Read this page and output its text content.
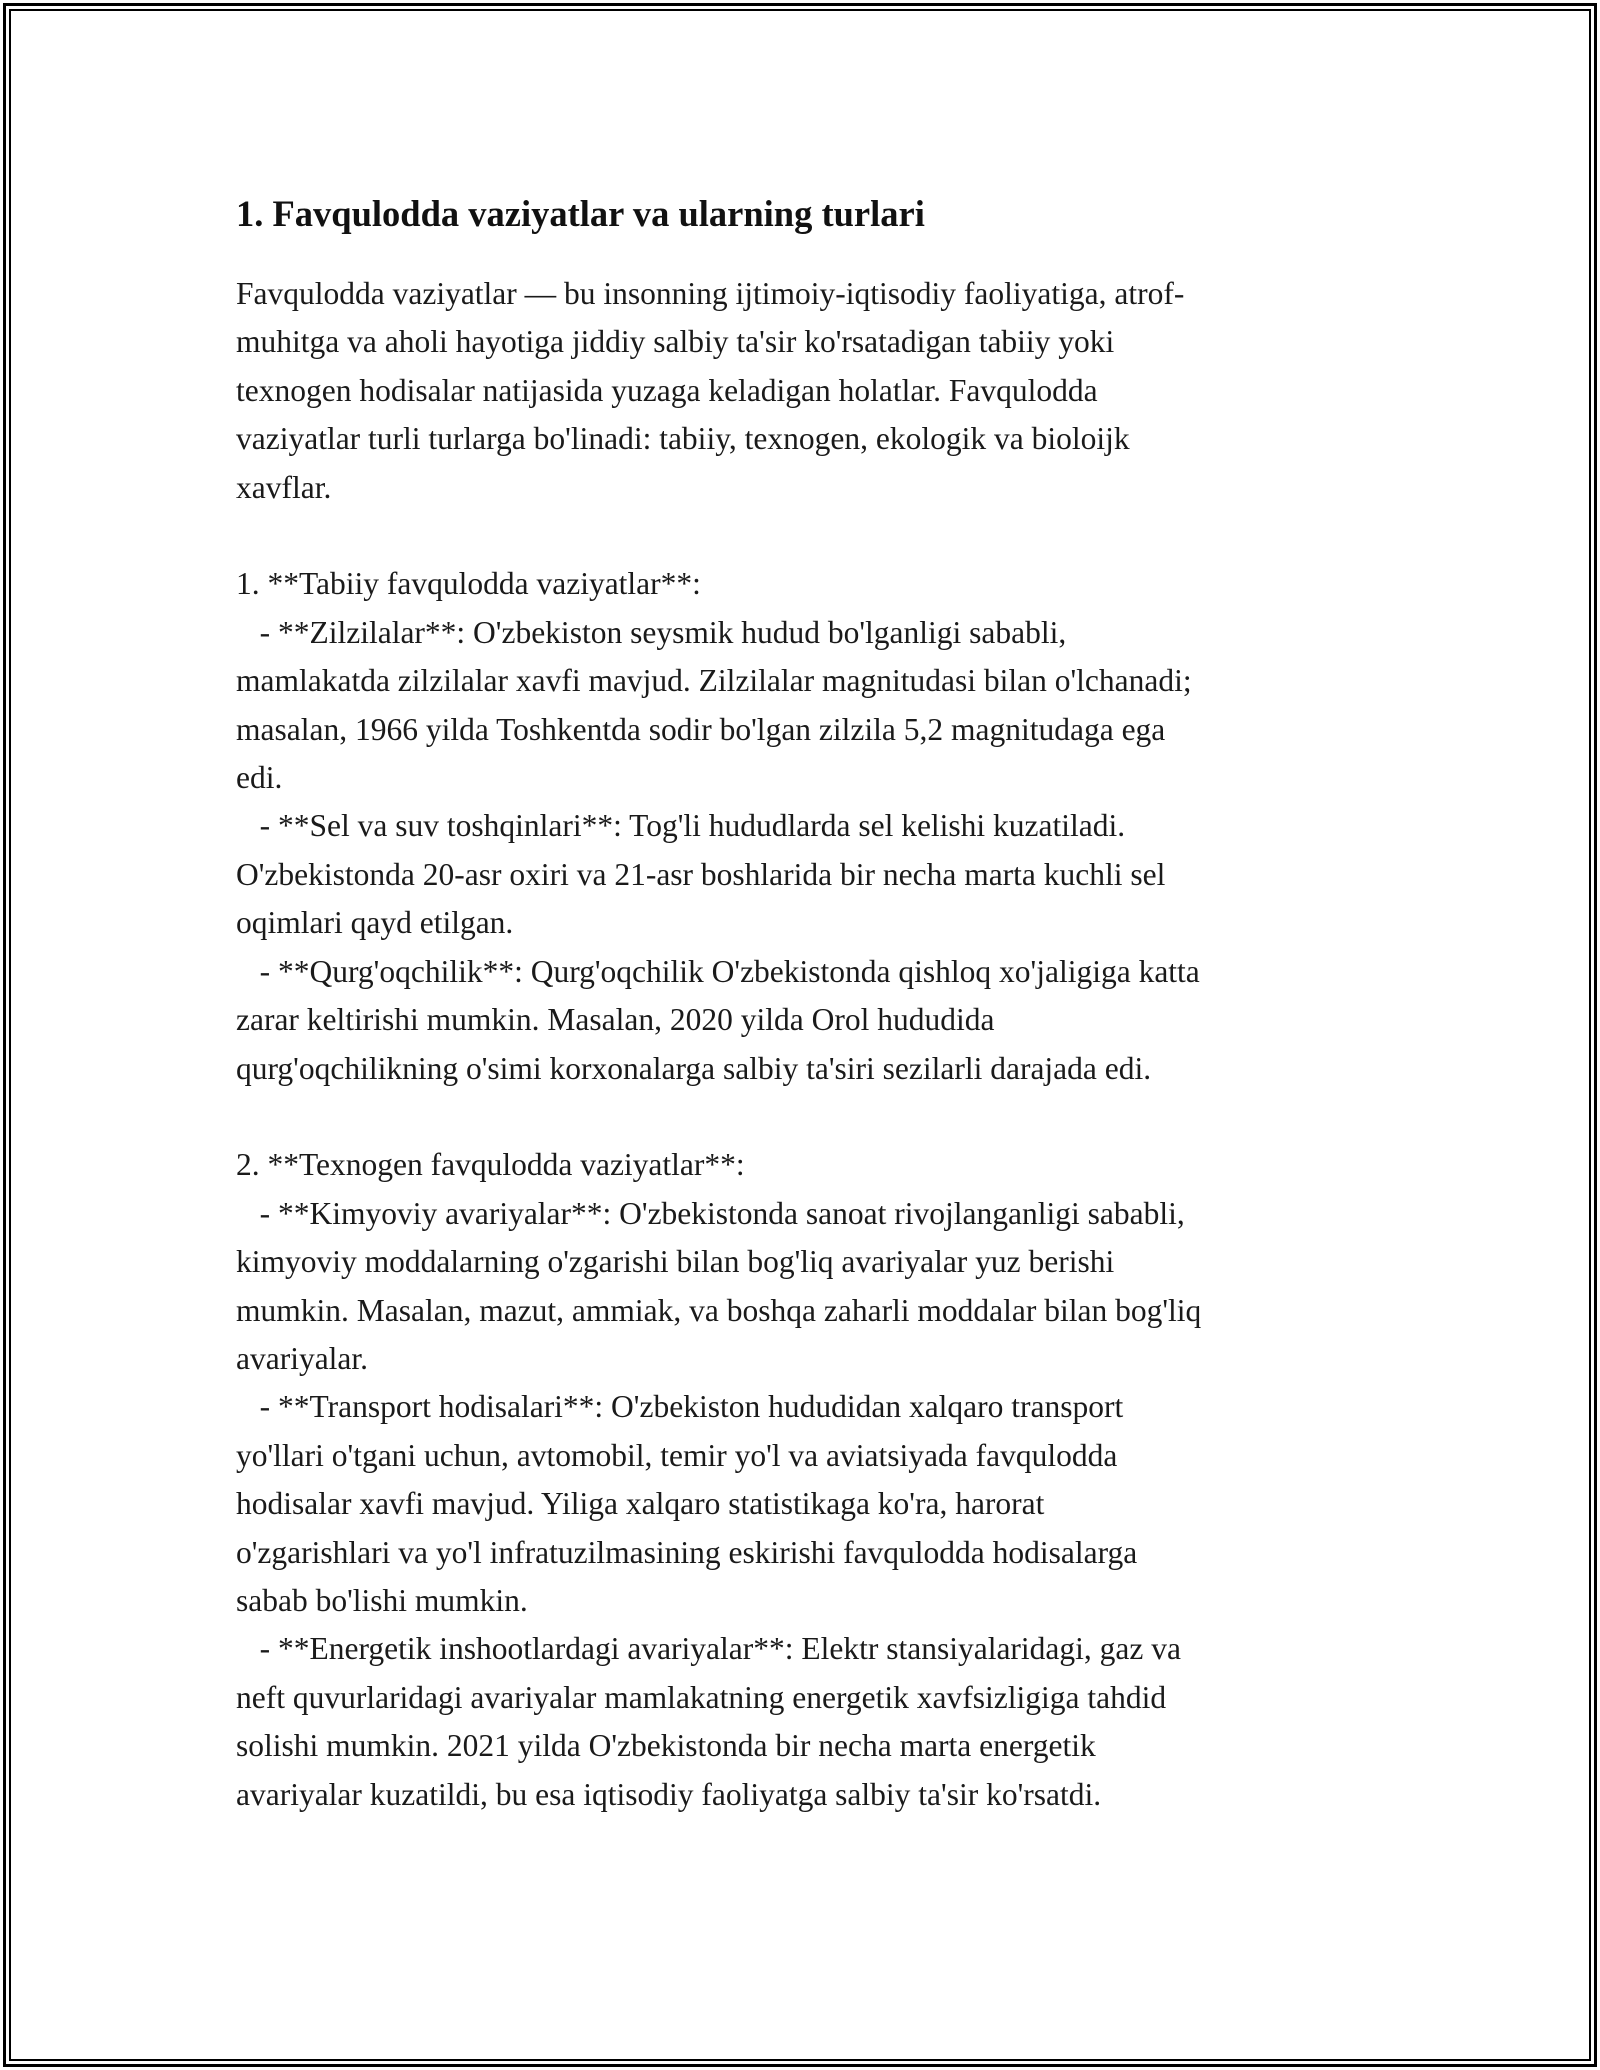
1. Favqulodda vaziyatlar va ularning turlari

Favqulodda vaziyatlar — bu insonning ijtimoiy-iqtisodiy faoliyatiga, atrof-
muhitga va aholi hayotiga jiddiy salbiy ta'sir ko'rsatadigan tabiiy yoki
texnogen hodisalar natijasida yuzaga keladigan holatlar. Favqulodda
vaziyatlar turli turlarga bo'linadi: tabiiy, texnogen, ekologik va bioloijk
xavflar.

1. **Tabiiy favqulodda vaziyatlar**:
- **Zilzilalar**: O'zbekiston seysmik hudud bo'lganligi sababli,
mamlakatda zilzilalar xavfi mavjud. Zilzilalar magnitudasi bilan o'lchanadi;
masalan, 1966 yilda Toshkentda sodir bo'lgan zilzila 5,2 magnitudaga ega
edi.
- **Sel va suv toshqinlari**: Tog'li hududlarda sel kelishi kuzatiladi.
O'zbekistonda 20-asr oxiri va 21-asr boshlarida bir necha marta kuchli sel
oqimlari qayd etilgan.
- **Qurg'oqchilik**: Qurg'oqchilik O'zbekistonda qishloq xo'jaligiga katta
zarar keltirishi mumkin. Masalan, 2020 yilda Orol hududida
qurg'oqchilikning o'simi korxonalarga salbiy ta'siri sezilarli darajada edi.

2. **Texnogen favqulodda vaziyatlar**:
- **Kimyoviy avariyalar**: O'zbekistonda sanoat rivojlanganligi sababli,
kimyoviy moddalarning o'zgarishi bilan bog'liq avariyalar yuz berishi
mumkin. Masalan, mazut, ammiak, va boshqa zaharli moddalar bilan bog'liq
avariyalar.
- **Transport hodisalari**: O'zbekiston hududidan xalqaro transport
yo'llari o'tgani uchun, avtomobil, temir yo'l va aviatsiyada favqulodda
hodisalar xavfi mavjud. Yiliga xalqaro statistikaga ko'ra, harorat
o'zgarishlari va yo'l infratuzilmasining eskirishi favqulodda hodisalarga
sabab bo'lishi mumkin.
- **Energetik inshootlardagi avariyalar**: Elektr stansiyalaridagi, gaz va
neft quvurlaridagi avariyalar mamlakatning energetik xavfsizligiga tahdid
solishi mumkin. 2021 yilda O'zbekistonda bir necha marta energetik
avariyalar kuzatildi, bu esa iqtisodiy faoliyatga salbiy ta'sir ko'rsatdi.
